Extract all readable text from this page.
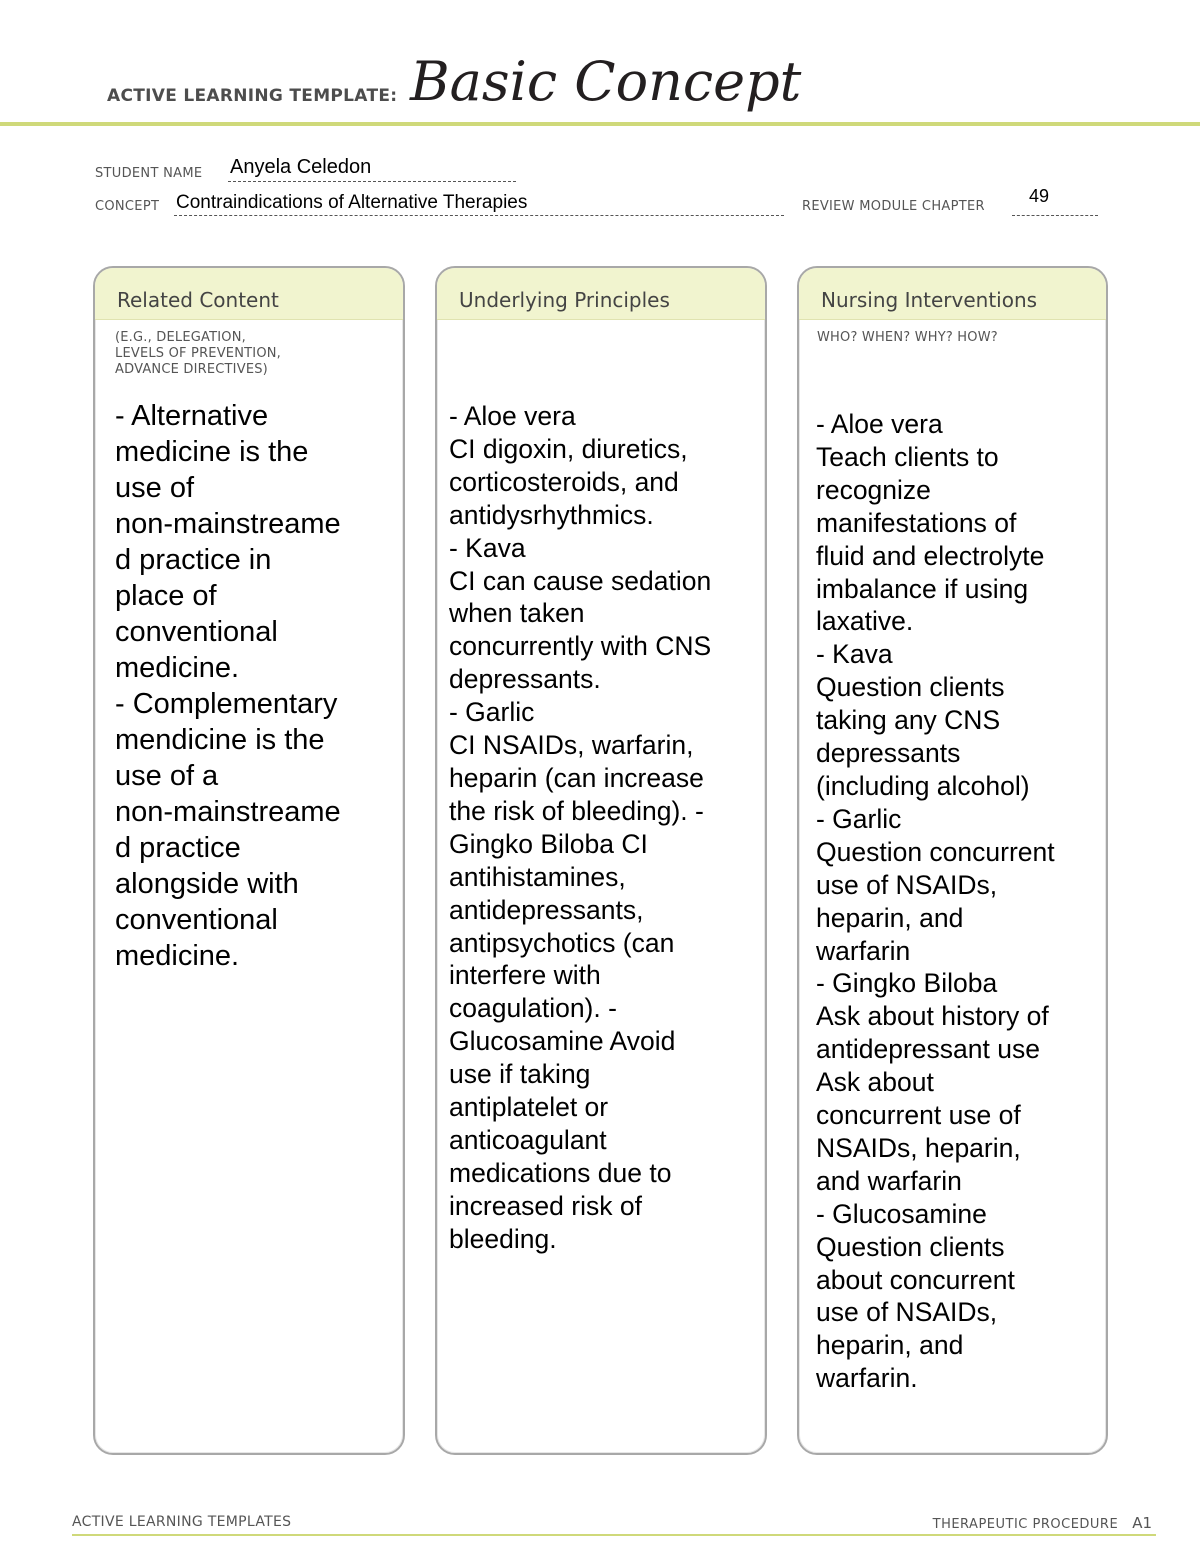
ACTIVE LEARNING TEMPLATE: Basic Concept
STUDENT NAME Anyela Celedon
CONCEPT Contraindications of Alternative Therapies	REVIEW MODULE CHAPTER
49
Related Content
(E.G., DELEGATION,
LEVELS OF PREVENTION,
ADVANCE DIRECTIVES)
- Alternative
medicine is the
use of
non-mainstreame
d practice in
place of
conventional
medicine.
- Complementary
mendicine is the
use of a
non-mainstreame
d practice
alongside with
conventional
medicine.
Underlying Principles
- Aloe vera
CI digoxin, diuretics,
corticosteroids, and
antidysrhythmics.
- Kava
CI can cause sedation
when taken
concurrently with CNS
depressants.
- Garlic
CI NSAIDs, warfarin,
heparin (can increase
the risk of bleeding). -
Gingko Biloba CI
antihistamines,
antidepressants,
antipsychotics (can
interfere with
coagulation). -
Glucosamine Avoid
use if taking
antiplatelet or
anticoagulant
medications due to
increased risk of
bleeding.
Nursing Interventions
WHO? WHEN? WHY? HOW?
- Aloe vera
Teach clients to
recognize
manifestations of
fluid and electrolyte
imbalance if using
laxative.
- Kava
Question clients
taking any CNS
depressants
(including alcohol)
- Garlic
Question concurrent
use of NSAIDs,
heparin, and
warfarin
- Gingko Biloba
Ask about history of
antidepressant use
Ask about
concurrent use of
NSAIDs, heparin,
and warfarin
- Glucosamine
Question clients
about concurrent
use of NSAIDs,
heparin, and
warfarin.
ACTIVE LEARNING TEMPLATES	THERAPEUTIC PROCEDURE A1
